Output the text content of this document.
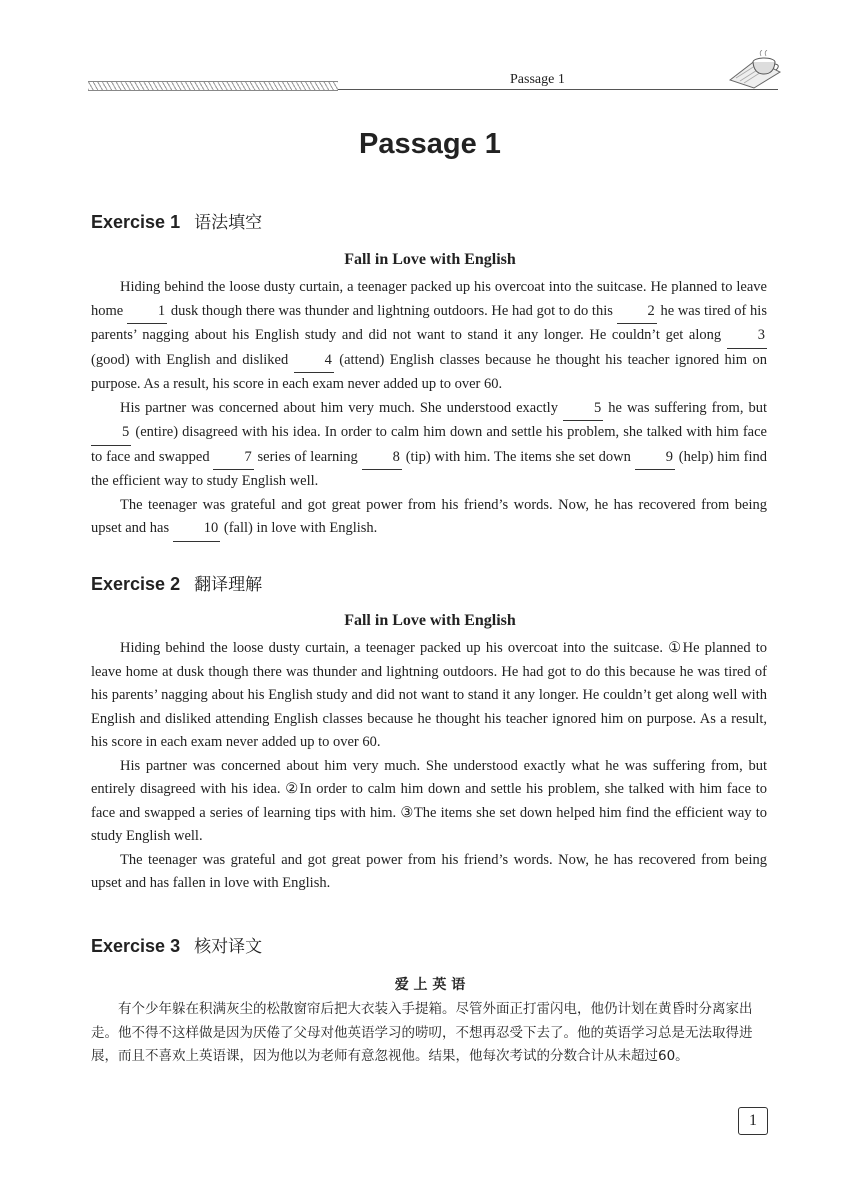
Passage 1
Passage 1
Exercise 1 语法填空
Fall in Love with English

Hiding behind the loose dusty curtain, a teenager packed up his overcoat into the suitcase. He planned to leave home 1 dusk though there was thunder and lightning outdoors. He had got to do this 2 he was tired of his parents’ nagging about his English study and did not want to stand it any longer. He couldn’t get along 3 (good) with English and disliked 4 (attend) English classes because he thought his teacher ignored him on purpose. As a result, his score in each exam never added up to over 60.

His partner was concerned about him very much. She understood exactly 5 he was suffering from, but 5 (entire) disagreed with his idea. In order to calm him down and settle his problem, she talked with him face to face and swapped 7 series of learning 8 (tip) with him. The items she set down 9 (help) him find the efficient way to study English well.

The teenager was grateful and got great power from his friend’s words. Now, he has recovered from being upset and has 10 (fall) in love with English.

Exercise 2 翻译理解
Fall in Love with English

Hiding behind the loose dusty curtain, a teenager packed up his overcoat into the suitcase. ①He planned to leave home at dusk though there was thunder and lightning outdoors. He had got to do this because he was tired of his parents’ nagging about his English study and did not want to stand it any longer. He couldn’t get along well with English and disliked attending English classes because he thought his teacher ignored him on purpose. As a result, his score in each exam never added up to over 60.

His partner was concerned about him very much. She understood exactly what he was suffering from, but entirely disagreed with his idea. ②In order to calm him down and settle his problem, she talked with him face to face and swapped a series of learning tips with him. ③The items she set down helped him find the efficient way to study English well.

The teenager was grateful and got great power from his friend’s words. Now, he has recovered from being upset and has fallen in love with English.

Exercise 3 核对译文
爱 上 英 语

有个少年躲在积满灰尘的松散窗帘后把大衣装入手提箱。尽管外面正打雷闪电，他仍计划在黄昏时分离家出走。他不得不这样做是因为厌倦了父母对他英语学习的唠叨，不想再忍受下去了。他的英语学习总是无法取得进展，而且不喜欢上英语课，因为他以为老师有意忽视他。结果，他每次考试的分数合计从未超过60。

1
